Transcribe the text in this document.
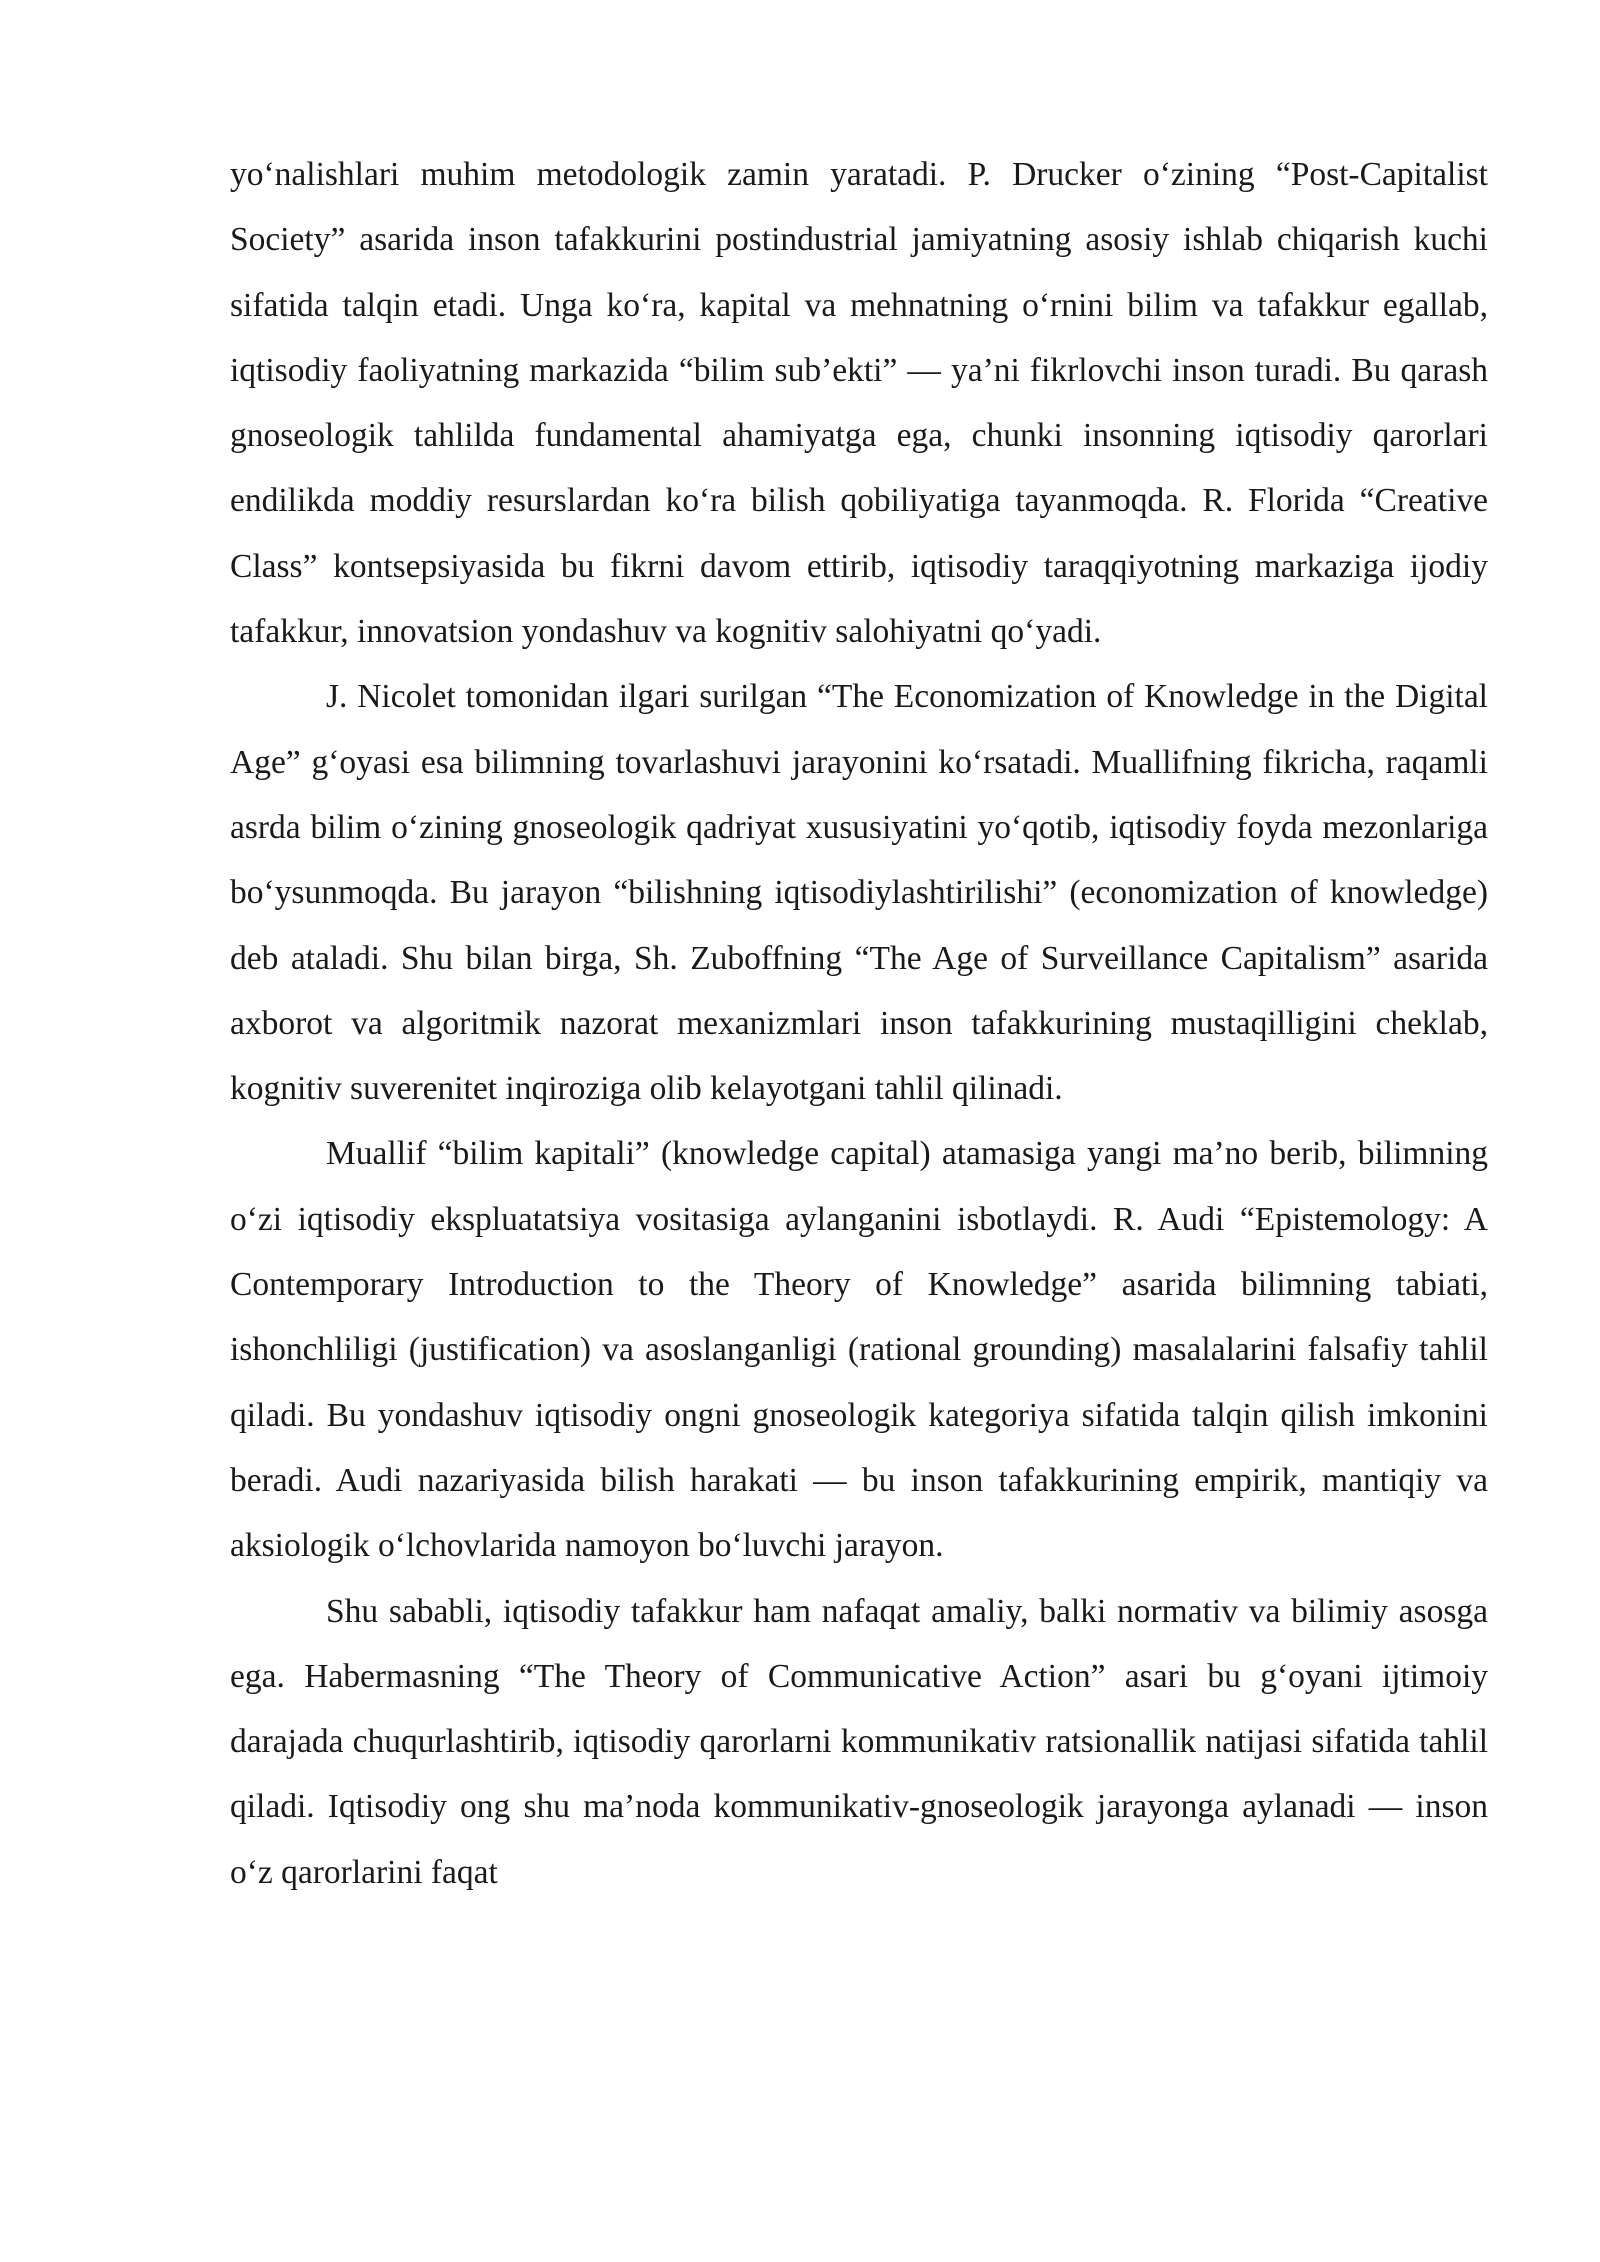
yo‘nalishlari muhim metodologik zamin yaratadi. P. Drucker o‘zining “Post-Capitalist Society” asarida inson tafakkurini postindustrial jamiyatning asosiy ishlab chiqarish kuchi sifatida talqin etadi. Unga ko‘ra, kapital va mehnatning o‘rnini bilim va tafakkur egallab, iqtisodiy faoliyatning markazida “bilim sub’ekti” — ya’ni fikrlovchi inson turadi. Bu qarash gnoseologik tahlilda fundamental ahamiyatga ega, chunki insonning iqtisodiy qarorlari endilikda moddiy resurslardan ko‘ra bilish qobiliyatiga tayanmoqda. R. Florida “Creative Class” kontsepsiyasida bu fikrni davom ettirib, iqtisodiy taraqqiyotning markaziga ijodiy tafakkur, innovatsion yondashuv va kognitiv salohiyatni qo‘yadi.

J. Nicolet tomonidan ilgari surilgan “The Economization of Knowledge in the Digital Age” g‘oyasi esa bilimning tovarlashuvi jarayonini ko‘rsatadi. Muallifning fikricha, raqamli asrda bilim o‘zining gnoseologik qadriyat xususiyatini yo‘qotib, iqtisodiy foyda mezonlariga bo‘ysunmoqda. Bu jarayon “bilishning iqtisodiylashtirilishi” (economization of knowledge) deb ataladi. Shu bilan birga, Sh. Zuboffning “The Age of Surveillance Capitalism” asarida axborot va algoritmik nazorat mexanizmlari inson tafakkurining mustaqilligini cheklab, kognitiv suverenitet inqiroziga olib kelayotgani tahlil qilinadi.

Muallif “bilim kapitali” (knowledge capital) atamasiga yangi ma’no berib, bilimning o‘zi iqtisodiy ekspluatatsiya vositasiga aylanganini isbotlaydi. R. Audi “Epistemology: A Contemporary Introduction to the Theory of Knowledge” asarida bilimning tabiati, ishonchliligi (justification) va asoslanganligi (rational grounding) masalalarini falsafiy tahlil qiladi. Bu yondashuv iqtisodiy ongni gnoseologik kategoriya sifatida talqin qilish imkonini beradi. Audi nazariyasida bilish harakati — bu inson tafakkurining empirik, mantiqiy va aksiologik o‘lchovlarida namoyon bo‘luvchi jarayon.

Shu sababli, iqtisodiy tafakkur ham nafaqat amaliy, balki normativ va bilimiy asosga ega. Habermasning “The Theory of Communicative Action” asari bu g‘oyani ijtimoiy darajada chuqurlashtirib, iqtisodiy qarorlarni kommunikativ ratsionallik natijasi sifatida tahlil qiladi. Iqtisodiy ong shu ma’noda kommunikativ-gnoseologik jarayonga aylanadi — inson o‘z qarorlarini faqat
